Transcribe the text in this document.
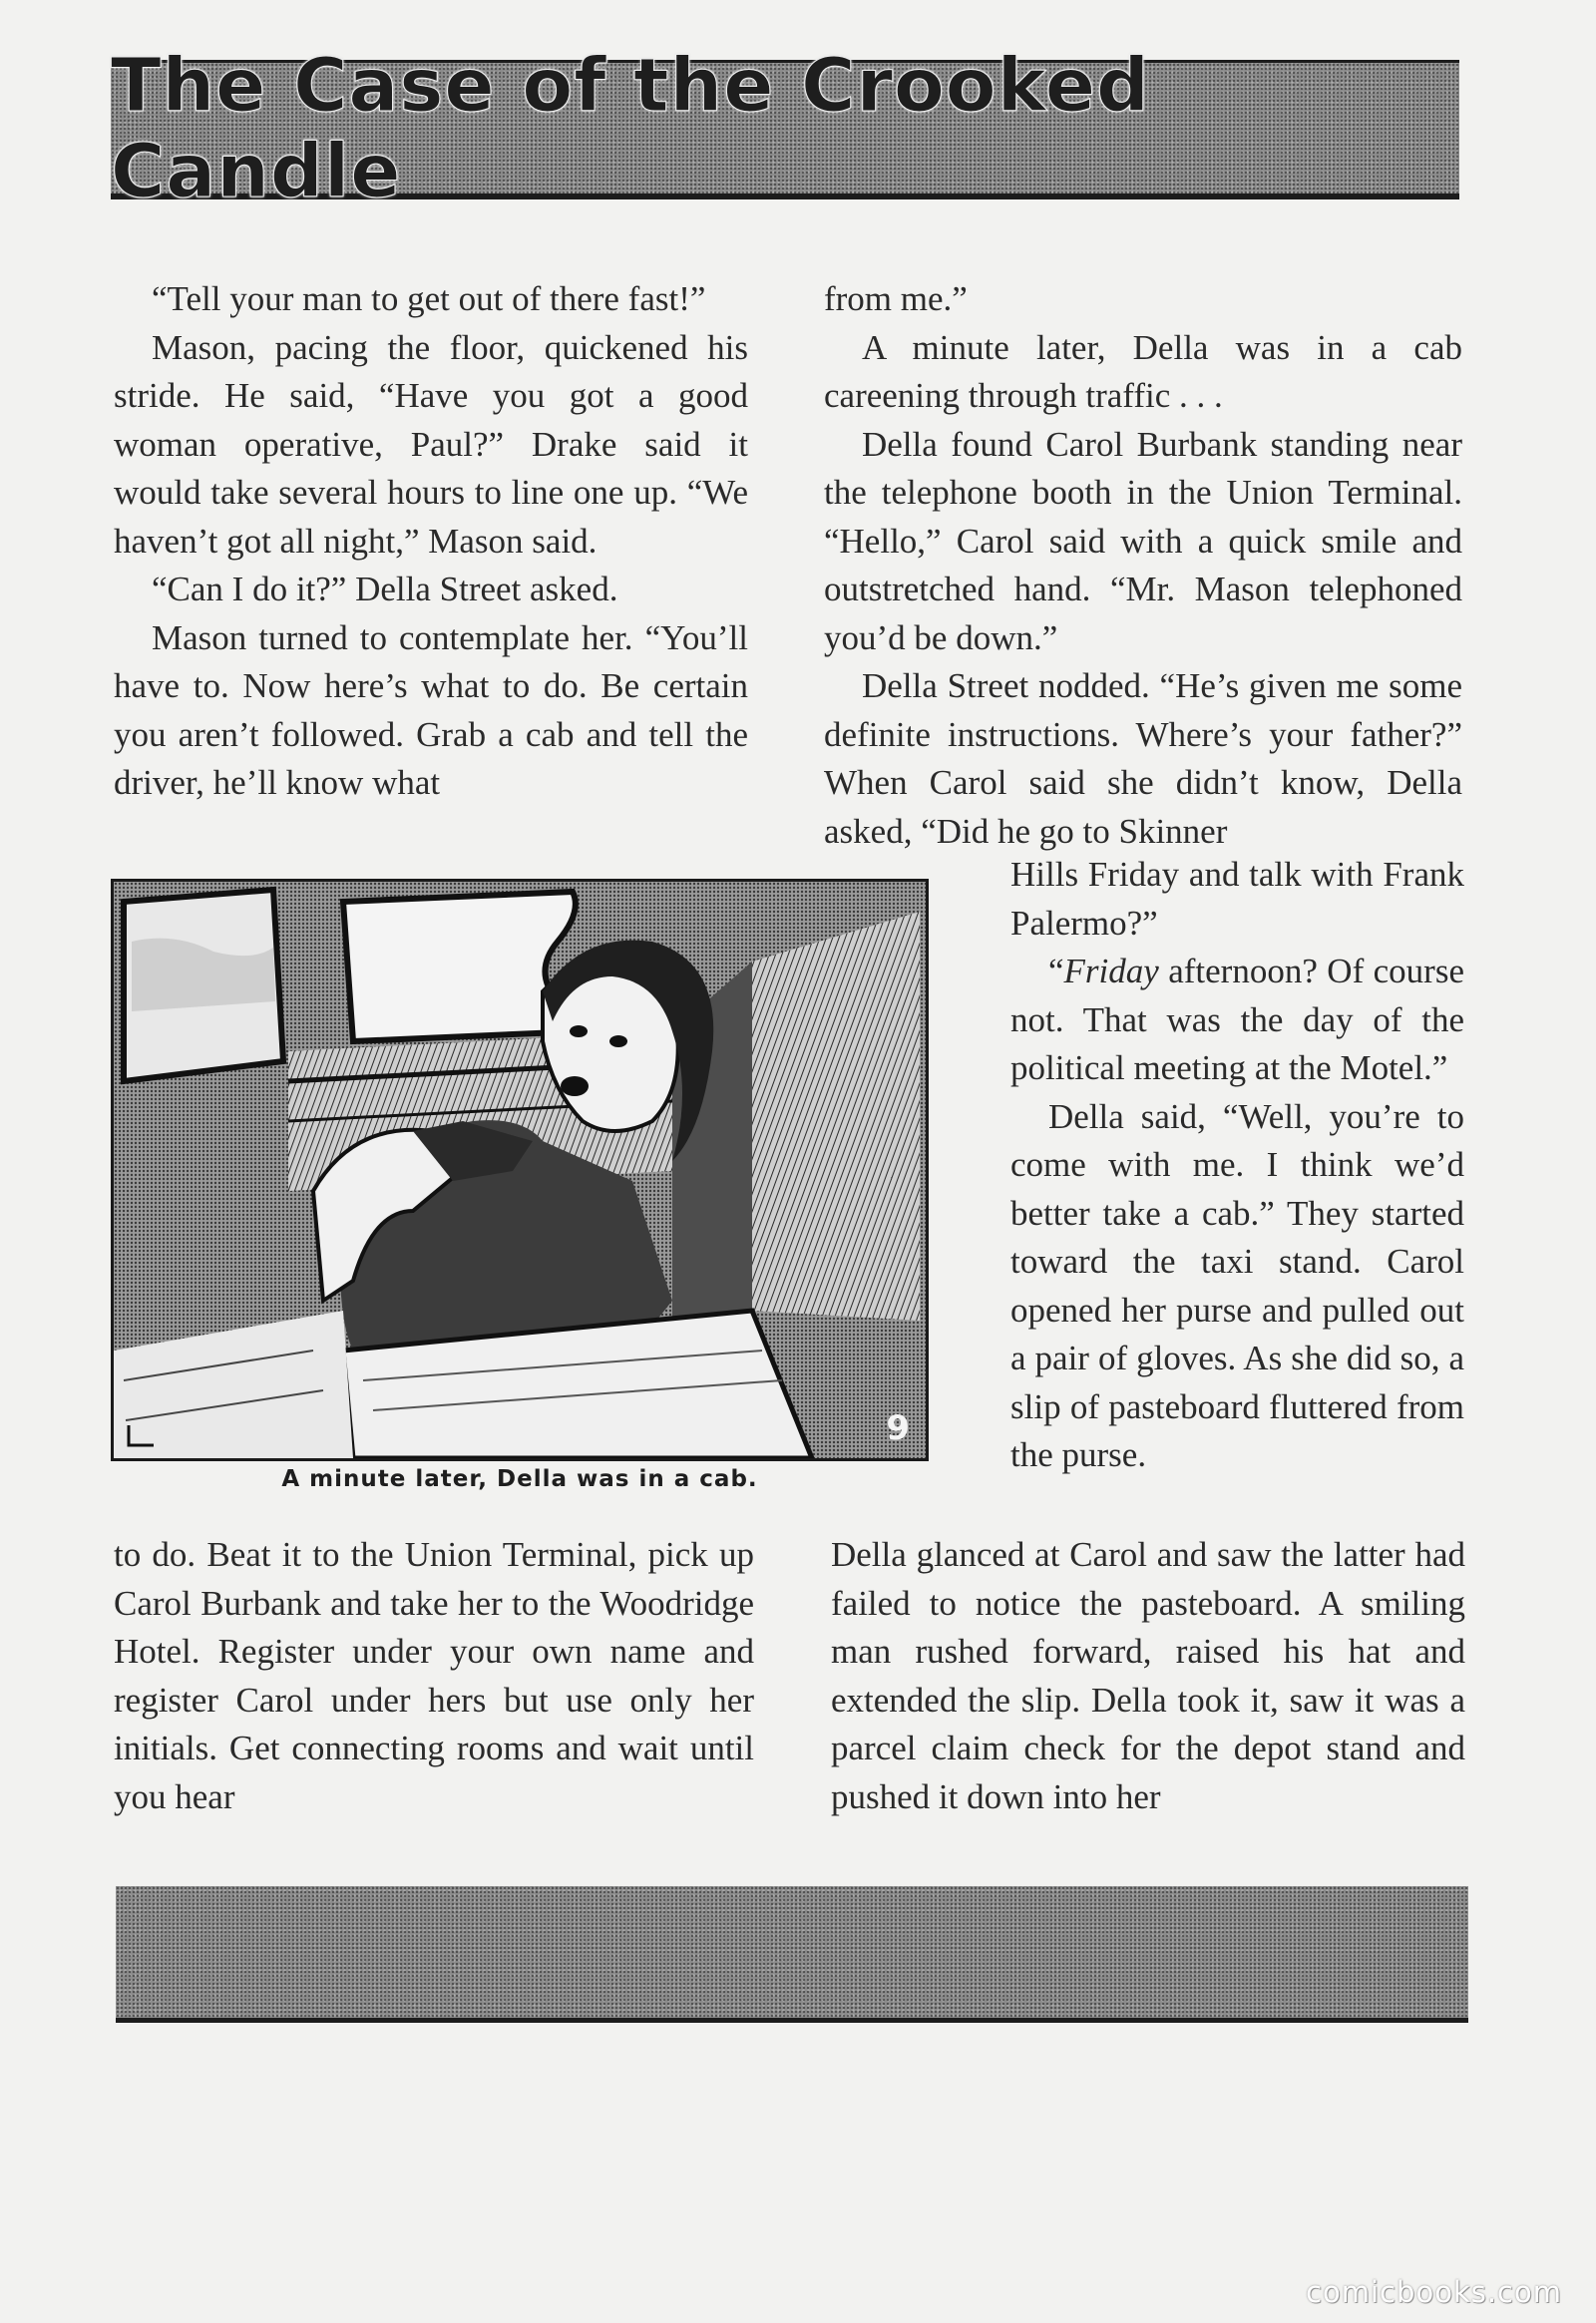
The Case of the Crooked Candle

“Tell your man to get out of there fast!”

Mason, pacing the floor, quickened his stride. He said, “Have you got a good woman operative, Paul?” Drake said it would take several hours to line one up. “We haven’t got all night,” Mason said.

“Can I do it?” Della Street asked.

Mason turned to contemplate her. “You’ll have to. Now here’s what to do. Be certain you aren’t followed. Grab a cab and tell the driver, he’ll know what

9
A minute later, Della was in a cab.

to do. Beat it to the Union Terminal, pick up Carol Burbank and take her to the Woodridge Hotel. Register under your own name and register Carol under hers but use only her initials. Get connecting rooms and wait until you hear

from me.”

A minute later, Della was in a cab careening through traffic . . .

Della found Carol Burbank standing near the telephone booth in the Union Terminal. “Hello,” Carol said with a quick smile and outstretched hand. “Mr. Mason telephoned you’d be down.”

Della Street nodded. “He’s given me some definite instructions. Where’s your father?” When Carol said she didn’t know, Della asked, “Did he go to Skinner

Hills Friday and talk with Frank Palermo?”

“Friday afternoon? Of course not. That was the day of the political meeting at the Motel.”

Della said, “Well, you’re to come with me. I think we’d better take a cab.” They started toward the taxi stand. Carol opened her purse and pulled out a pair of gloves. As she did so, a slip of pasteboard fluttered from the purse.

Della glanced at Carol and saw the latter had failed to notice the pasteboard. A smiling man rushed forward, raised his hat and extended the slip. Della took it, saw it was a parcel claim check for the depot stand and pushed it down into her

comicbooks.com
